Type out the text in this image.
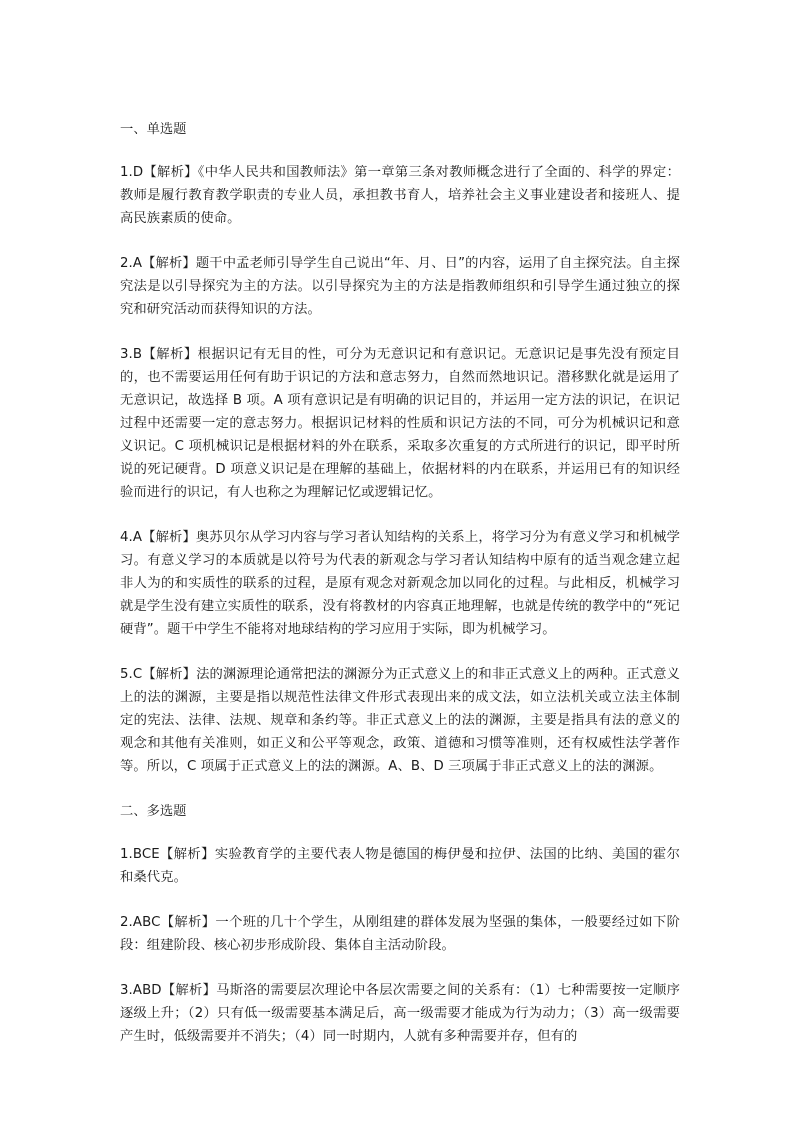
一、单选题

1.D【解析】《中华人民共和国教师法》第一章第三条对教师概念进行了全面的、科学的界定：教师是履行教育教学职责的专业人员，承担教书育人，培养社会主义事业建设者和接班人、提高民族素质的使命。

2.A【解析】题干中孟老师引导学生自己说出“年、月、日”的内容，运用了自主探究法。自主探究法是以引导探究为主的方法。以引导探究为主的方法是指教师组织和引导学生通过独立的探究和研究活动而获得知识的方法。

3.B【解析】根据识记有无目的性，可分为无意识记和有意识记。无意识记是事先没有预定目的，也不需要运用任何有助于识记的方法和意志努力，自然而然地识记。潜移默化就是运用了无意识记，故选择 B 项。A 项有意识记是有明确的识记目的，并运用一定方法的识记，在识记过程中还需要一定的意志努力。根据识记材料的性质和识记方法的不同，可分为机械识记和意义识记。C 项机械识记是根据材料的外在联系，采取多次重复的方式所进行的识记，即平时所说的死记硬背。D 项意义识记是在理解的基础上，依据材料的内在联系，并运用已有的知识经验而进行的识记，有人也称之为理解记忆或逻辑记忆。

4.A【解析】奥苏贝尔从学习内容与学习者认知结构的关系上，将学习分为有意义学习和机械学习。有意义学习的本质就是以符号为代表的新观念与学习者认知结构中原有的适当观念建立起非人为的和实质性的联系的过程，是原有观念对新观念加以同化的过程。与此相反，机械学习就是学生没有建立实质性的联系，没有将教材的内容真正地理解，也就是传统的教学中的“死记硬背”。题干中学生不能将对地球结构的学习应用于实际，即为机械学习。

5.C【解析】法的渊源理论通常把法的渊源分为正式意义上的和非正式意义上的两种。正式意义上的法的渊源，主要是指以规范性法律文件形式表现出来的成文法，如立法机关或立法主体制定的宪法、法律、法规、规章和条约等。非正式意义上的法的渊源，主要是指具有法的意义的观念和其他有关准则，如正义和公平等观念，政策、道德和习惯等准则，还有权威性法学著作等。所以，C 项属于正式意义上的法的渊源。A、B、D 三项属于非正式意义上的法的渊源。

二、多选题

1.BCE【解析】实验教育学的主要代表人物是德国的梅伊曼和拉伊、法国的比纳、美国的霍尔和桑代克。

2.ABC【解析】一个班的几十个学生，从刚组建的群体发展为坚强的集体，一般要经过如下阶段：组建阶段、核心初步形成阶段、集体自主活动阶段。

3.ABD【解析】马斯洛的需要层次理论中各层次需要之间的关系有：（1）七种需要按一定顺序逐级上升；（2）只有低一级需要基本满足后，高一级需要才能成为行为动力；（3）高一级需要产生时，低级需要并不消失；（4）同一时期内，人就有多种需要并存，但有的
